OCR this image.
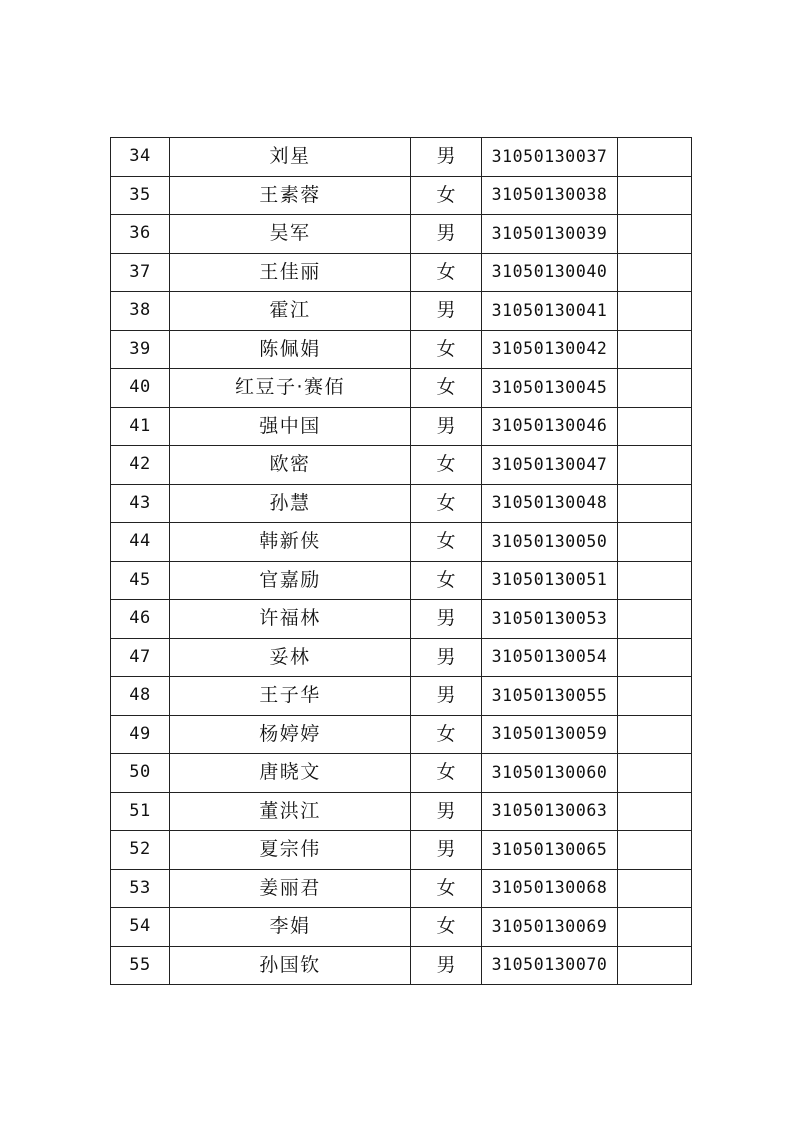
34	刘星	男	31050130037	
35	王素蓉	女	31050130038	
36	吴军	男	31050130039	
37	王佳丽	女	31050130040	
38	霍江	男	31050130041	
39	陈佩娟	女	31050130042	
40	红豆子·赛佰	女	31050130045	
41	强中国	男	31050130046	
42	欧密	女	31050130047	
43	孙慧	女	31050130048	
44	韩新侠	女	31050130050	
45	官嘉励	女	31050130051	
46	许福林	男	31050130053	
47	妥林	男	31050130054	
48	王子华	男	31050130055	
49	杨婷婷	女	31050130059	
50	唐晓文	女	31050130060	
51	董洪江	男	31050130063	
52	夏宗伟	男	31050130065	
53	姜丽君	女	31050130068	
54	李娟	女	31050130069	
55	孙国钦	男	31050130070	
